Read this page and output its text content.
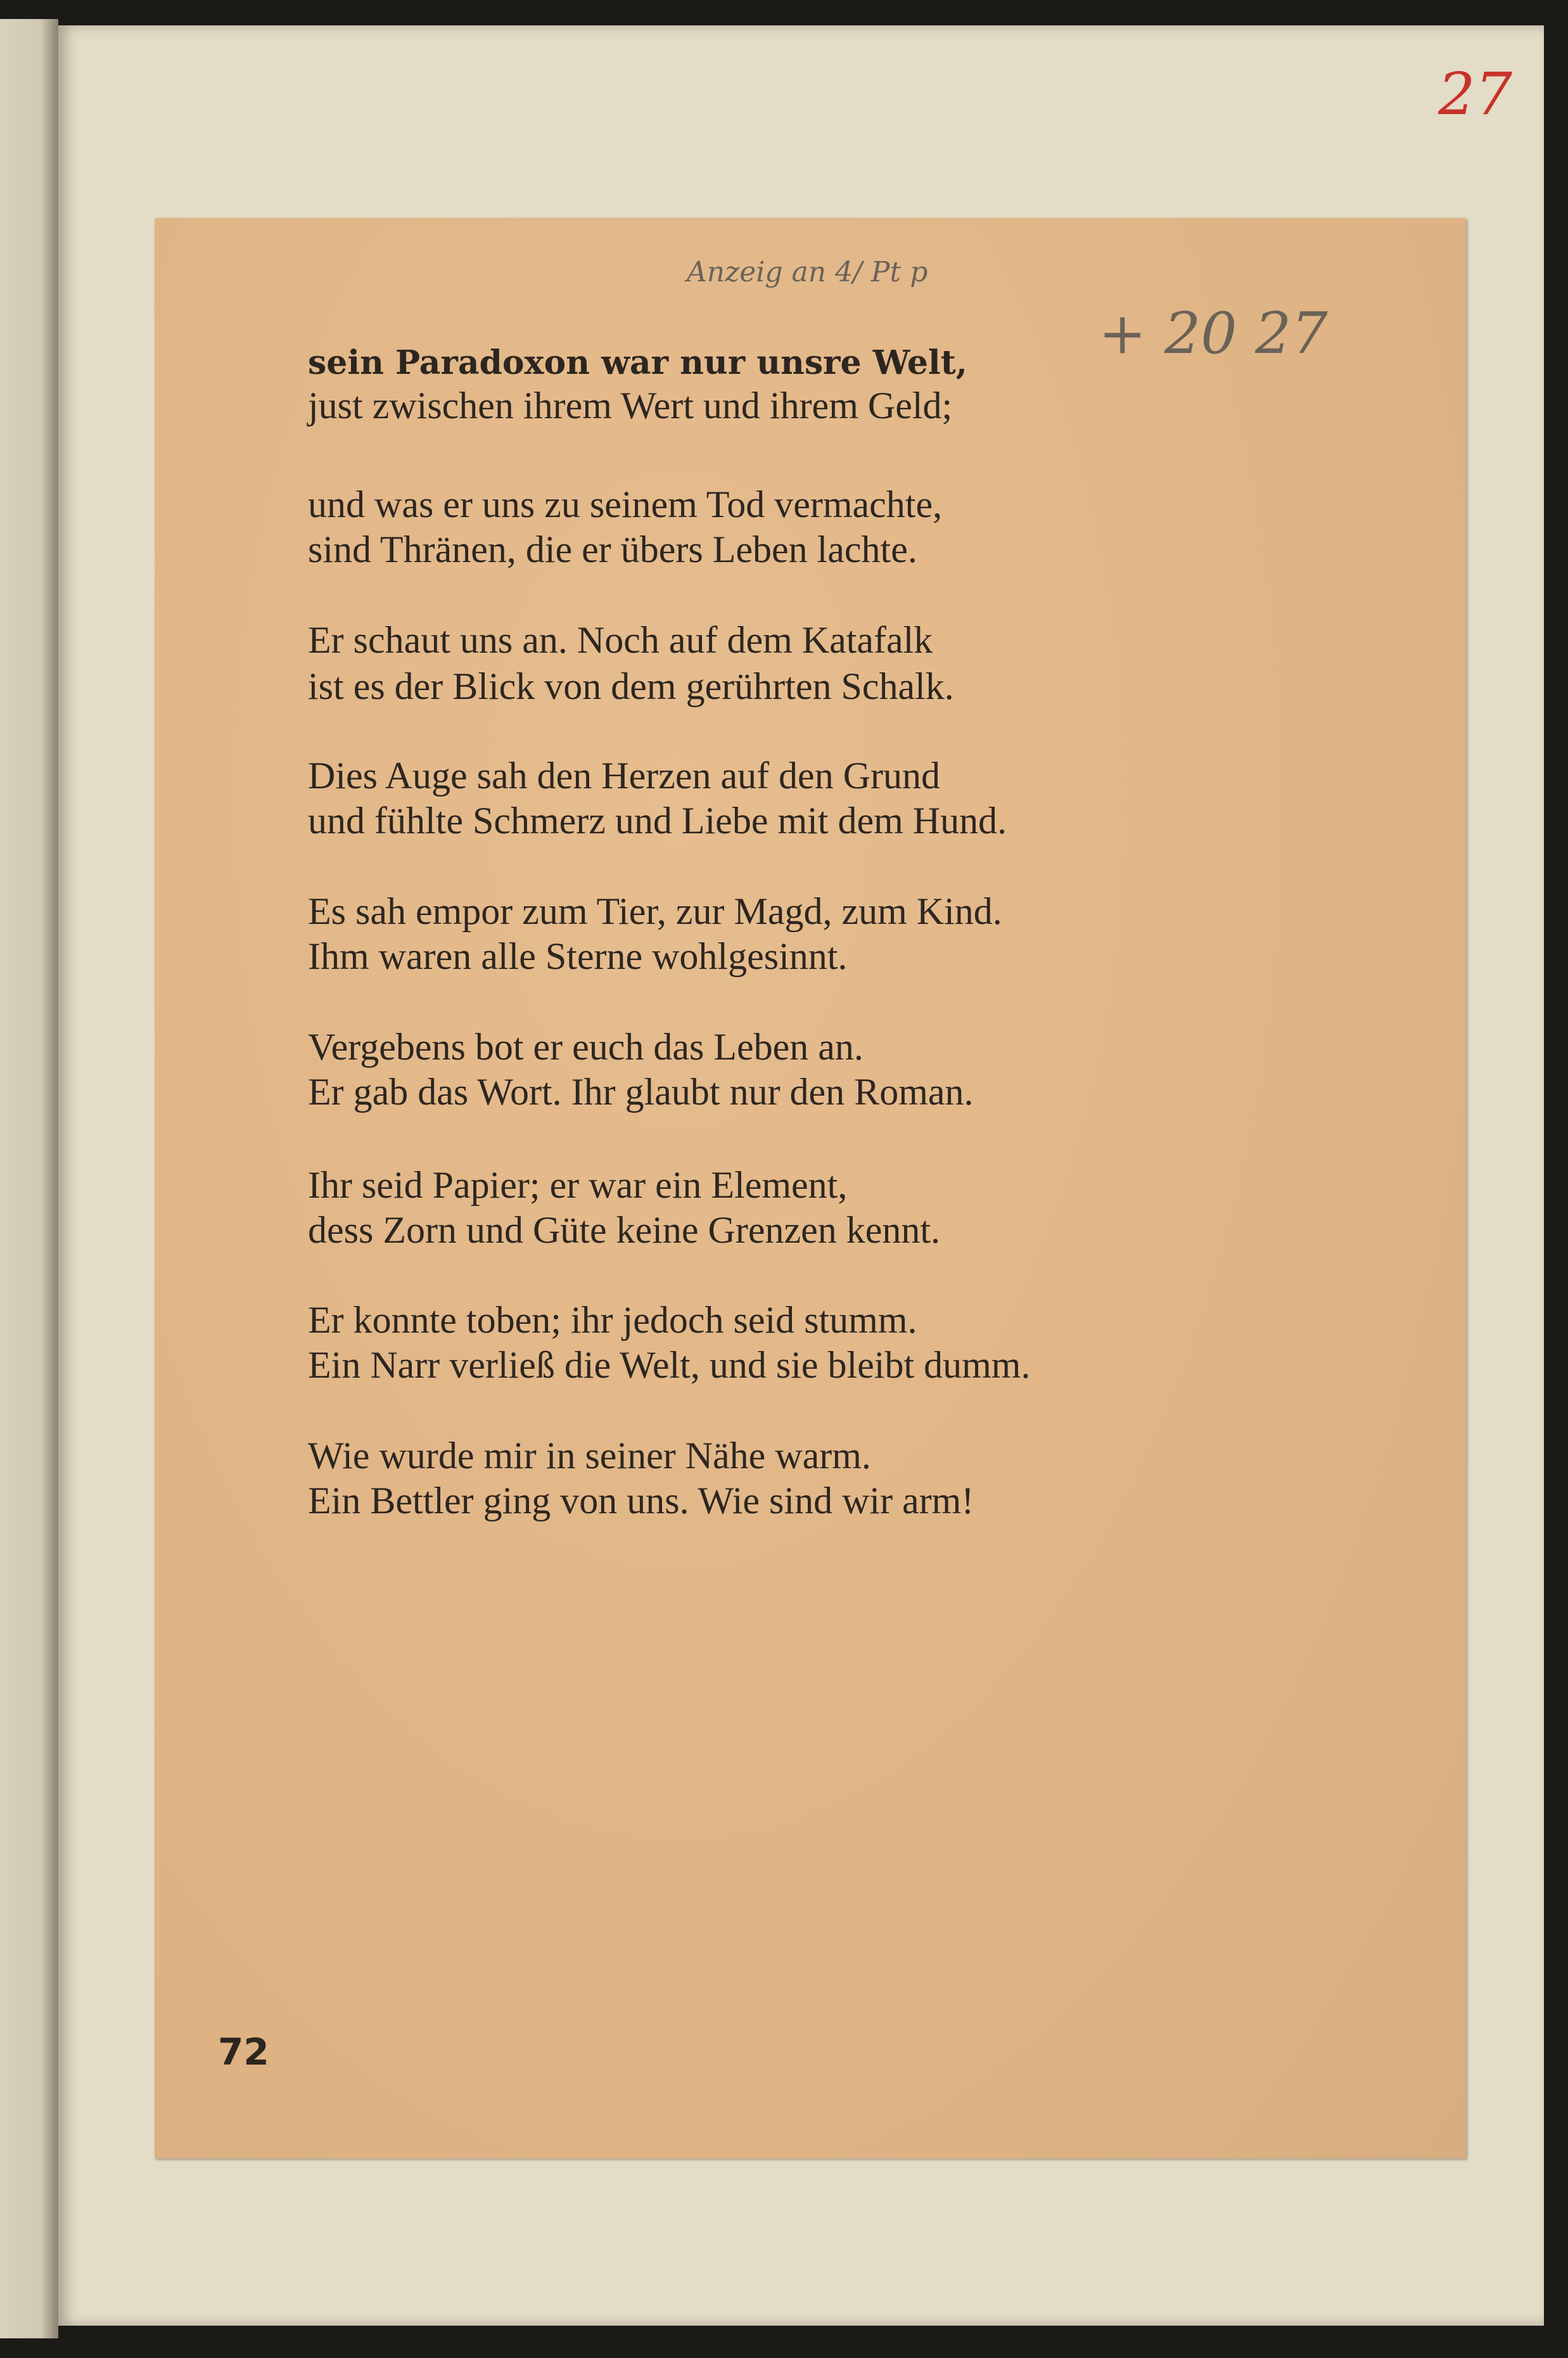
27
Anzeig an 4/ Pt p
+ 20 27
sein Paradoxon war nur unsre Welt,
just zwischen ihrem Wert und ihrem Geld;
und was er uns zu seinem Tod vermachte,
sind Thränen, die er übers Leben lachte.
Er schaut uns an. Noch auf dem Katafalk
ist es der Blick von dem gerührten Schalk.
Dies Auge sah den Herzen auf den Grund
und fühlte Schmerz und Liebe mit dem Hund.
Es sah empor zum Tier, zur Magd, zum Kind.
Ihm waren alle Sterne wohlgesinnt.
Vergebens bot er euch das Leben an.
Er gab das Wort. Ihr glaubt nur den Roman.
Ihr seid Papier; er war ein Element,
dess Zorn und Güte keine Grenzen kennt.
Er konnte toben; ihr jedoch seid stumm.
Ein Narr verließ die Welt, und sie bleibt dumm.
Wie wurde mir in seiner Nähe warm.
Ein Bettler ging von uns. Wie sind wir arm!
72
